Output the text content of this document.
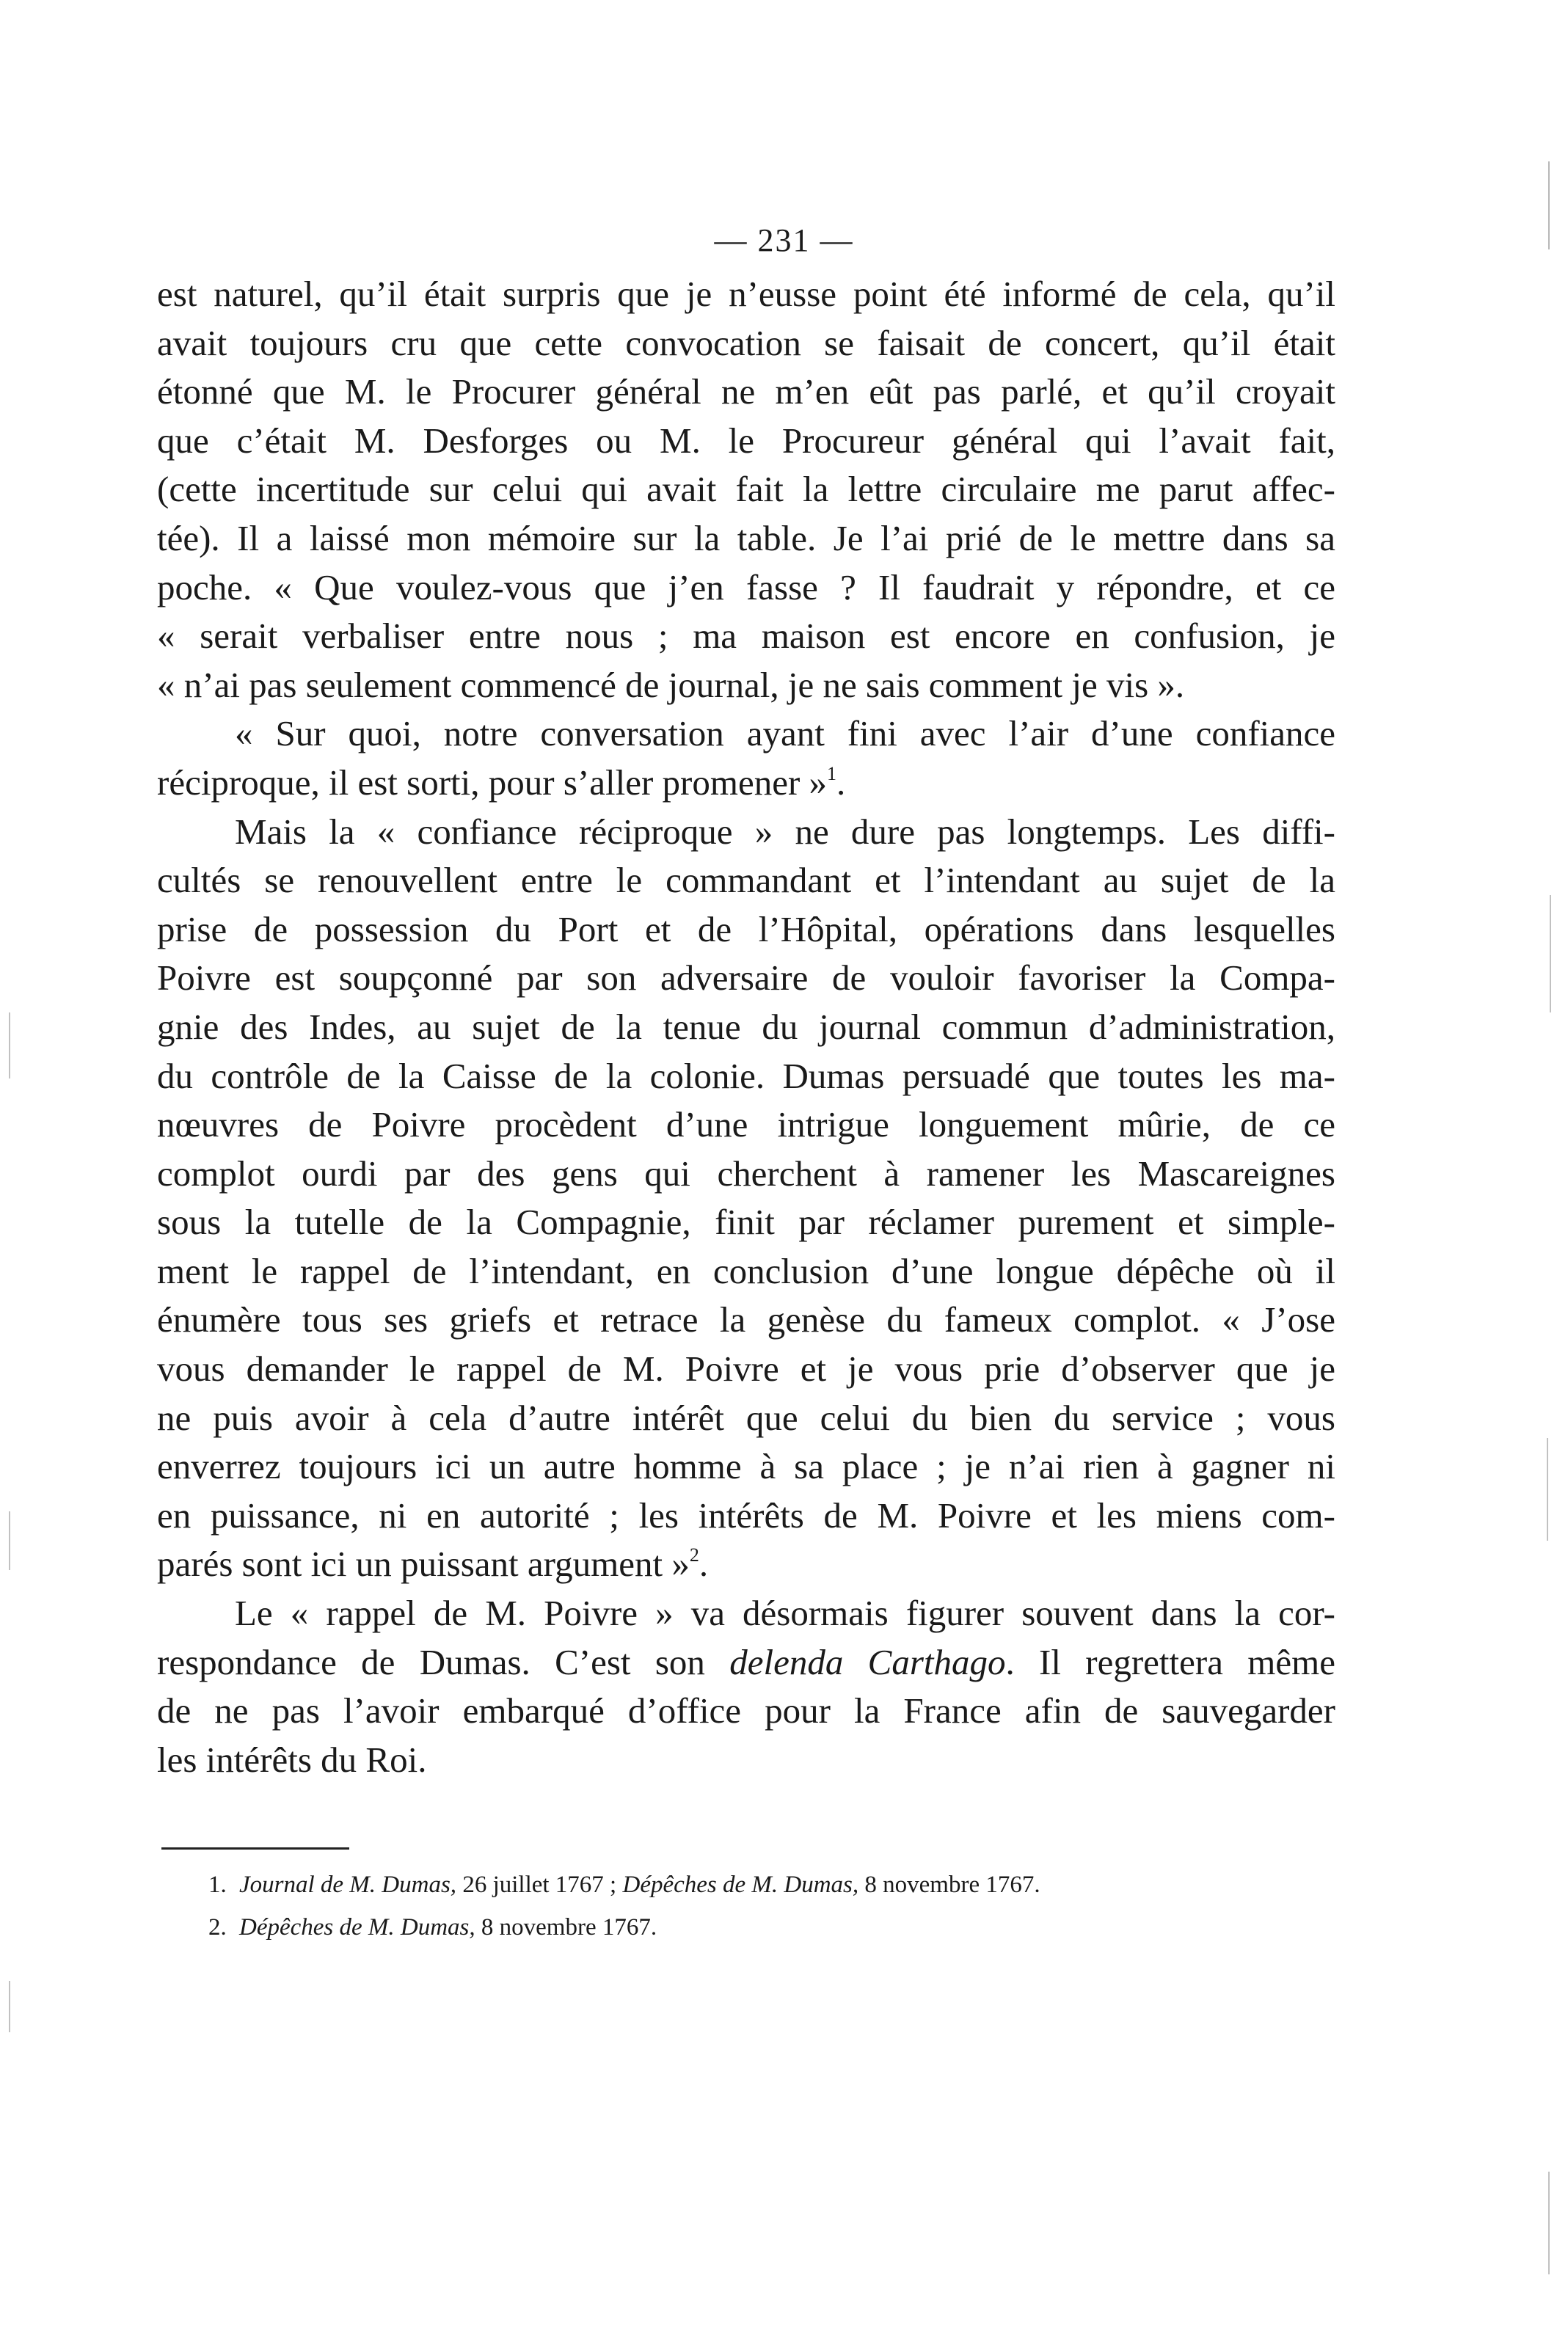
— 231 —
est naturel, qu’il était surpris que je n’eusse point été informé de cela, qu’il
avait toujours cru que cette convocation se faisait de concert, qu’il était
étonné que M. le Procurer général ne m’en eût pas parlé, et qu’il croyait
que c’était M. Desforges ou M. le Procureur général qui l’avait fait,
(cette incertitude sur celui qui avait fait la lettre circulaire me parut affec-
tée). Il a laissé mon mémoire sur la table. Je l’ai prié de le mettre dans sa
poche. « Que voulez-vous que j’en fasse ? Il faudrait y répondre, et ce
« serait verbaliser entre nous ; ma maison est encore en confusion, je
« n’ai pas seulement commencé de journal, je ne sais comment je vis ».
« Sur quoi, notre conversation ayant fini avec l’air d’une confiance
réciproque, il est sorti, pour s’aller promener »$^1$.
Mais la « confiance réciproque » ne dure pas longtemps. Les diffi-
cultés se renouvellent entre le commandant et l’intendant au sujet de la
prise de possession du Port et de l’Hôpital, opérations dans lesquelles
Poivre est soupçonné par son adversaire de vouloir favoriser la Compa-
gnie des Indes, au sujet de la tenue du journal commun d’administration,
du contrôle de la Caisse de la colonie. Dumas persuadé que toutes les ma-
nœuvres de Poivre procèdent d’une intrigue longuement mûrie, de ce
complot ourdi par des gens qui cherchent à ramener les Mascareignes
sous la tutelle de la Compagnie, finit par réclamer purement et simple-
ment le rappel de l’intendant, en conclusion d’une longue dépêche où il
énumère tous ses griefs et retrace la genèse du fameux complot. « J’ose
vous demander le rappel de M. Poivre et je vous prie d’observer que je
ne puis avoir à cela d’autre intérêt que celui du bien du service ; vous
enverrez toujours ici un autre homme à sa place ; je n’ai rien à gagner ni
en puissance, ni en autorité ; les intérêts de M. Poivre et les miens com-
parés sont ici un puissant argument »$^2$.
Le « rappel de M. Poivre » va désormais figurer souvent dans la cor-
respondance de Dumas. C’est son delenda Carthago. Il regrettera même
de ne pas l’avoir embarqué d’office pour la France afin de sauvegarder
les intérêts du Roi.
1. Journal de M. Dumas, 26 juillet 1767 ; Dépêches de M. Dumas, 8 novembre 1767.
2. Dépêches de M. Dumas, 8 novembre 1767.
